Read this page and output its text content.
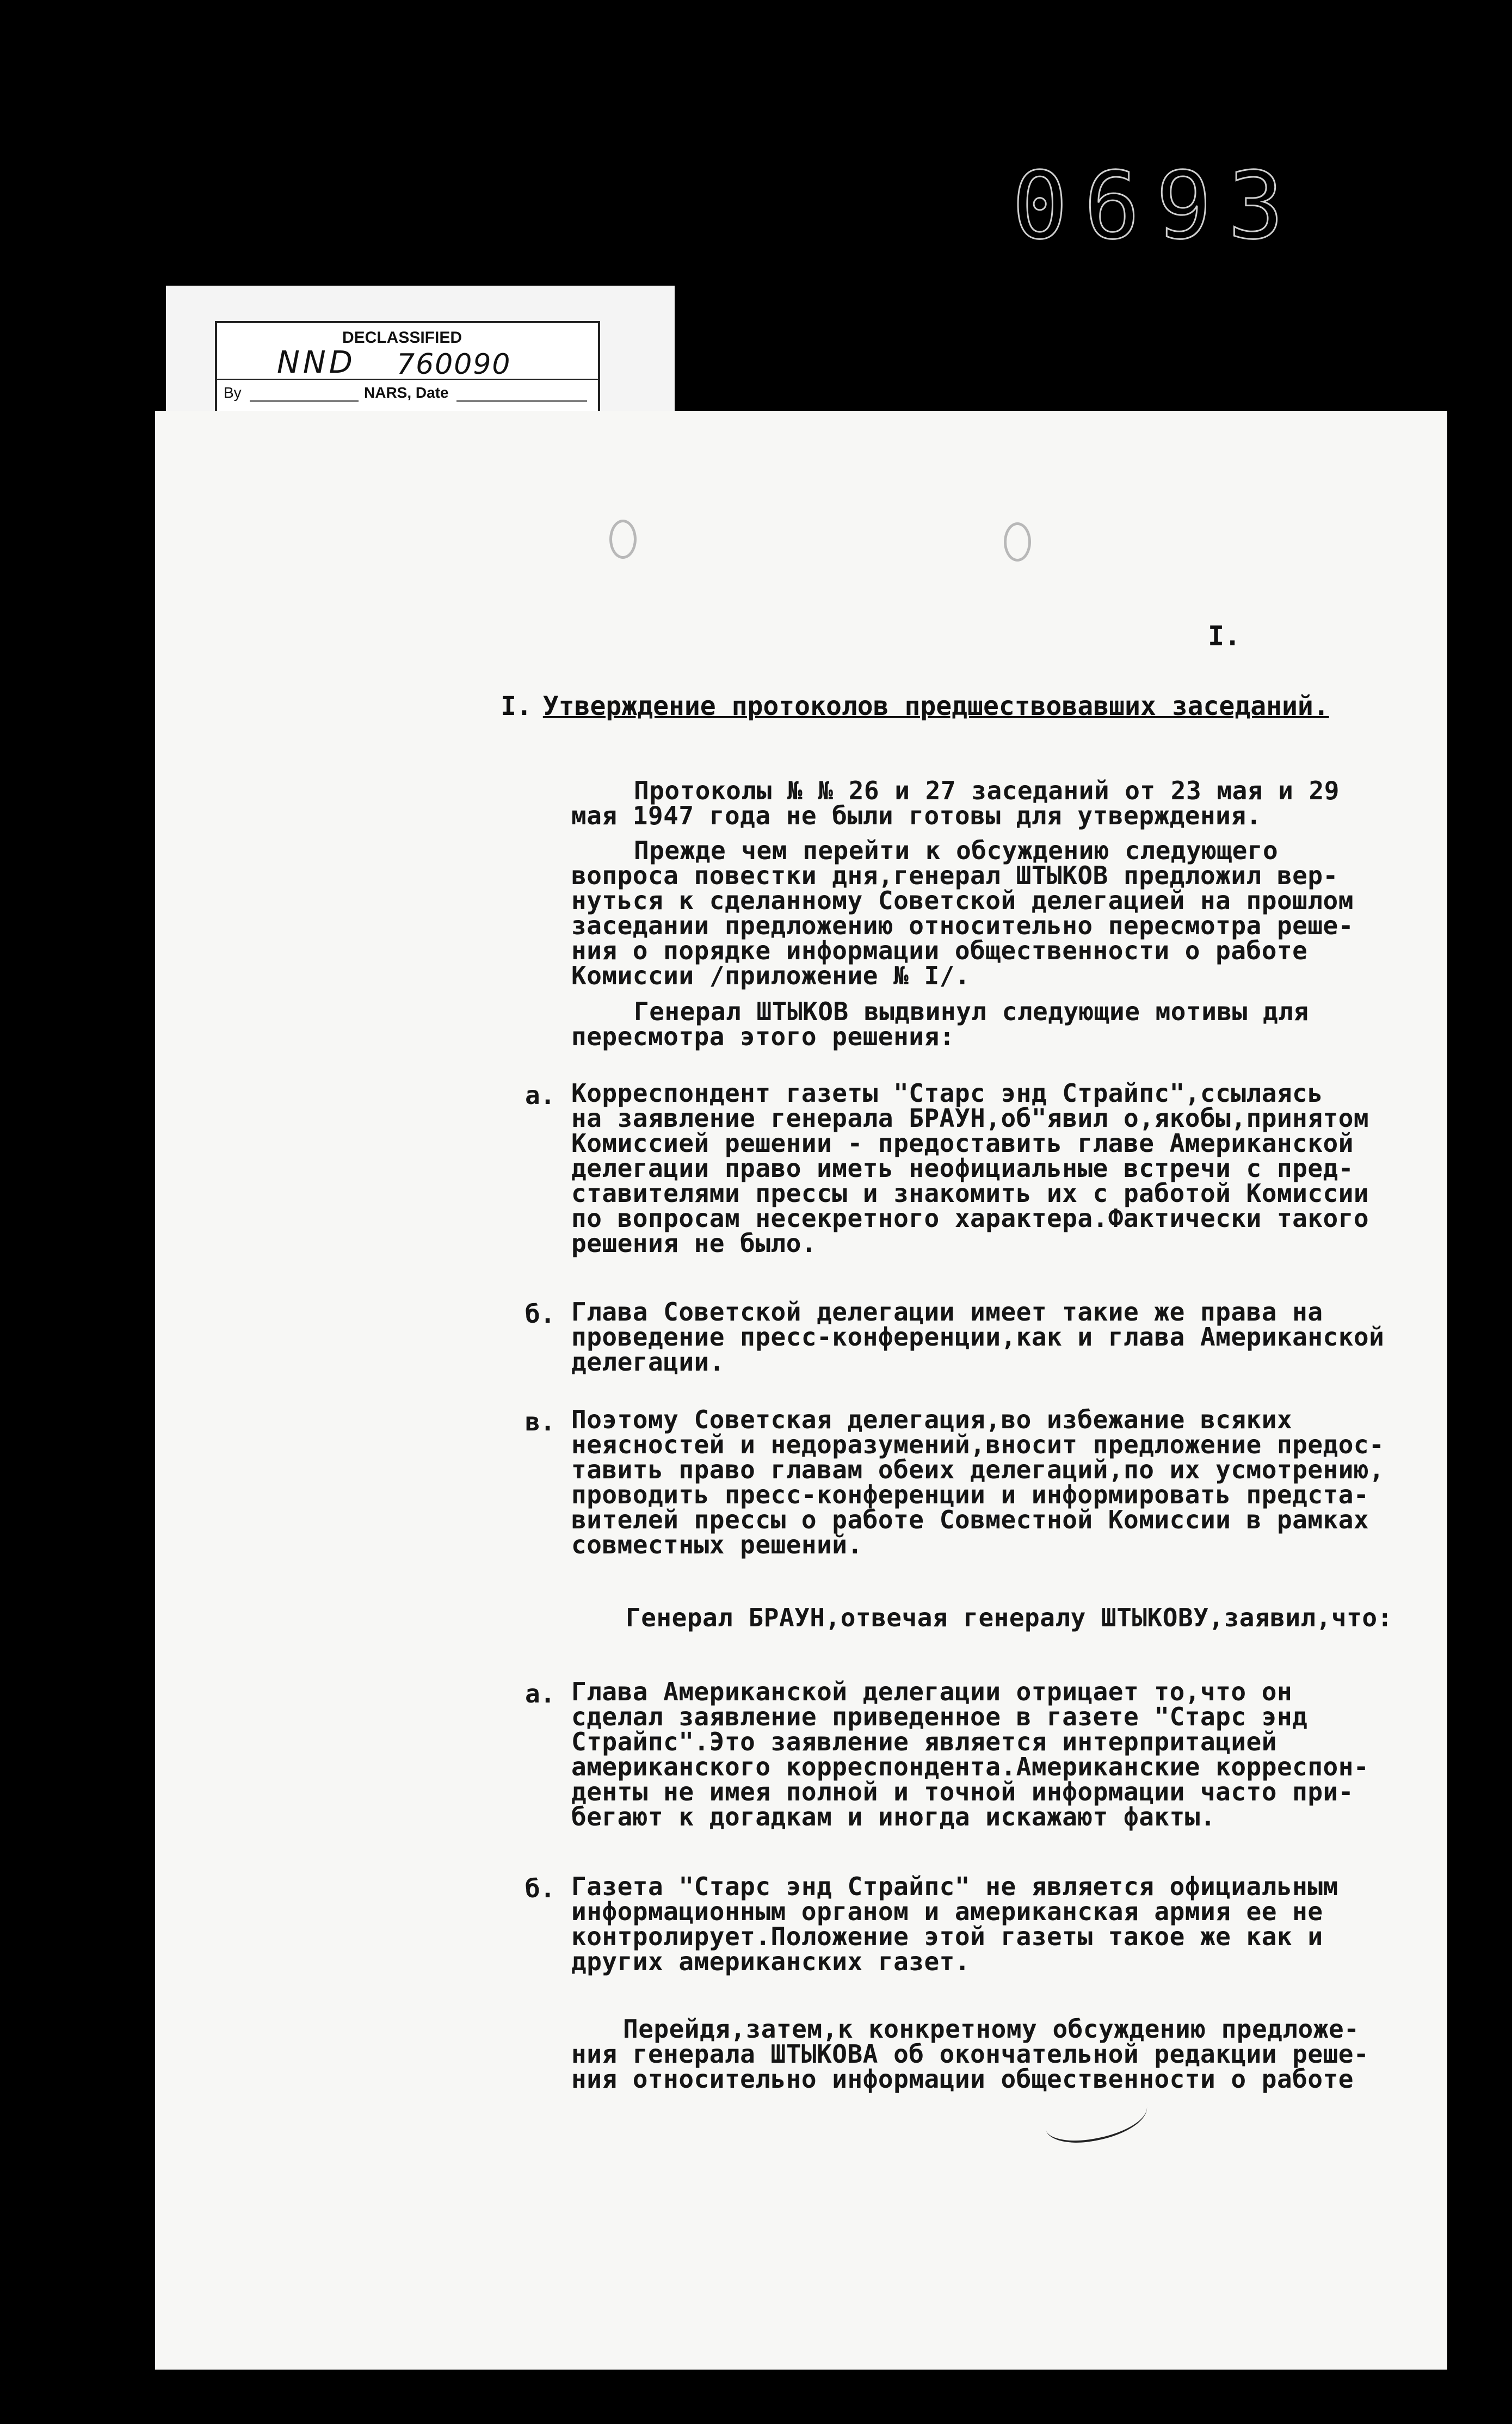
0693
DECLASSIFIED
NND 760090
By	NARS, Date
I.
I. Утверждение протоколов предшествовавших заседаний.
Протоколы № № 26 и 27 заседаний от 23 мая и 29
мая 1947 года не были готовы для утверждения.
Прежде чем перейти к обсуждению следующего
вопроса повестки дня,генерал ШТЫКОВ предложил вер-
нуться к сделанному Советской делегацией на прошлом
заседании предложению относительно пересмотра реше-
ния о порядке информации общественности о работе
Комиссии /приложение № I/.
Генерал ШТЫКОВ выдвинул следующие мотивы для
пересмотра этого решения:
а. Корреспондент газеты "Старс энд Страйпс",ссылаясь
на заявление генерала БРАУН,об"явил о,якобы,принятом
Комиссией решении - предоставить главе Американской
делегации право иметь неофициальные встречи с пред-
ставителями прессы и знакомить их с работой Комиссии
по вопросам несекретного характера.Фактически такого
решения не было.
б. Глава Советской делегации имеет такие же права на
проведение пресс-конференции,как и глава Американской
делегации.
в. Поэтому Советская делегация,во избежание всяких
неясностей и недоразумений,вносит предложение предос-
тавить право главам обеих делегаций,по их усмотрению,
проводить пресс-конференции и информировать предста-
вителей прессы о работе Совместной Комиссии в рамках
совместных решений.
Генерал БРАУН,отвечая генералу ШТЫКОВУ,заявил,что:
а. Глава Американской делегации отрицает то,что он
сделал заявление приведенное в газете "Старс энд
Страйпс".Это заявление является интерпритацией
американского корреспондента.Американские корреспон-
денты не имея полной и точной информации часто при-
бегают к догадкам и иногда искажают факты.
б. Газета "Старс энд Страйпс" не является официальным
информационным органом и американская армия ее не
контролирует.Положение этой газеты такое же как и
других американских газет.
Перейдя,затем,к конкретному обсуждению предложе-
ния генерала ШТЫКОВА об окончательной редакции реше-
ния относительно информации общественности о работе
